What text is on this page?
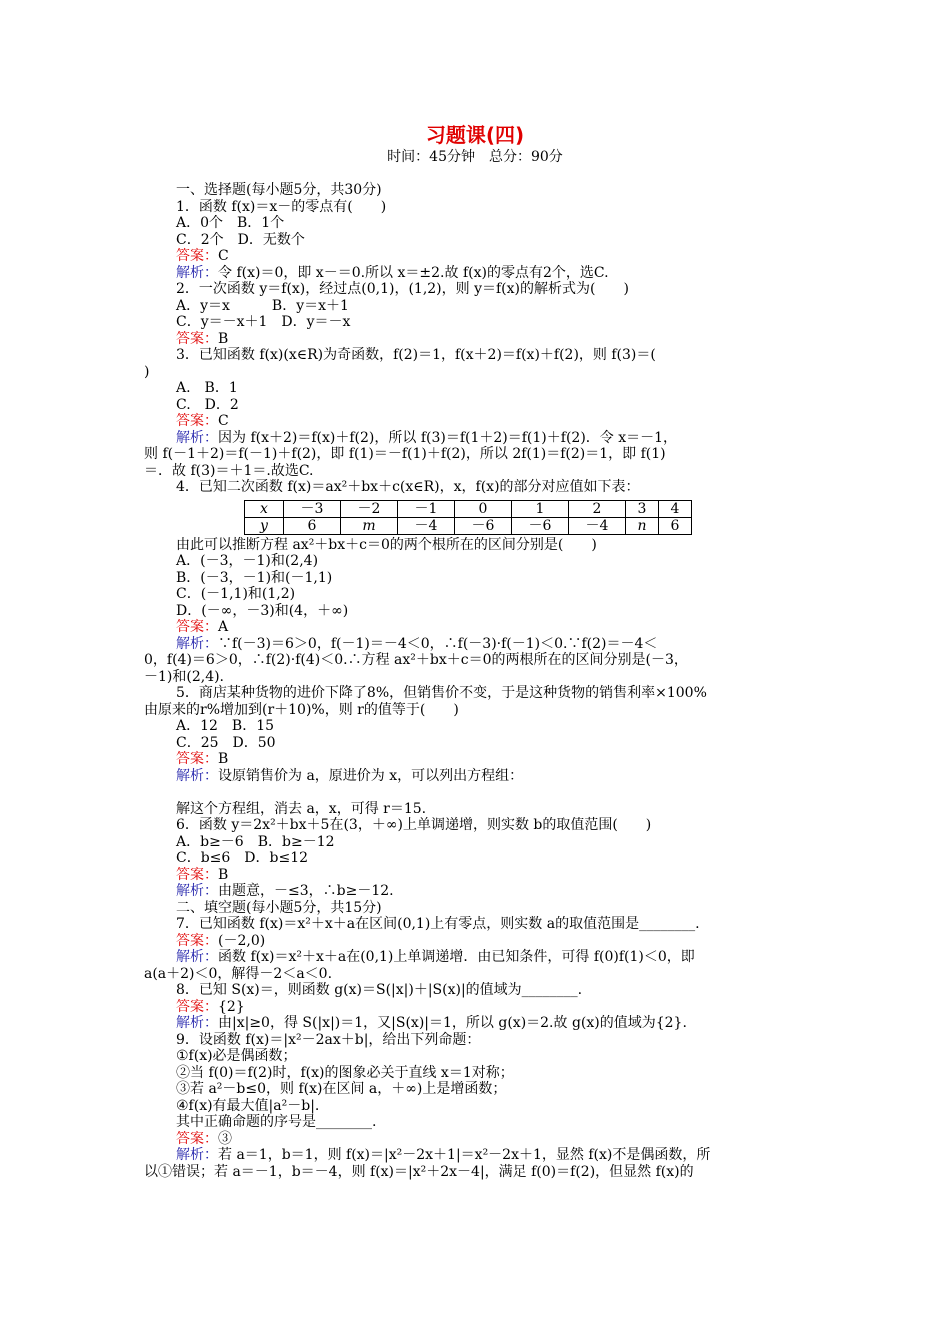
习题课(四)
时间：45分钟　总分：90分
一、选择题(每小题5分，共30分)
1．函数 f(x)＝x－的零点有(　　)
A．0个　B．1个
C．2个　D．无数个
答案：C
解析：令 f(x)＝0，即 x－＝0.所以 x＝±2.故 f(x)的零点有2个，选C.
2．一次函数 y＝f(x)，经过点(0,1)，(1,2)，则 y＝f(x)的解析式为(　　)
A．y＝x　　　B．y＝x＋1
C．y＝－x＋1　D．y＝－x
答案：B
3．已知函数 f(x)(x∈R)为奇函数，f(2)＝1，f(x＋2)＝f(x)＋f(2)，则 f(3)＝(
)
A.　B．1
C.　D．2
答案：C
解析：因为 f(x＋2)＝f(x)＋f(2)，所以 f(3)＝f(1＋2)＝f(1)＋f(2)．令 x＝－1，
则 f(－1＋2)＝f(－1)＋f(2)，即 f(1)＝－f(1)＋f(2)，所以 2f(1)＝f(2)＝1，即 f(1)
＝．故 f(3)＝＋1＝.故选C.
4．已知二次函数 f(x)＝ax²＋bx＋c(x∈R)，x，f(x)的部分对应值如下表：
x	－3	－2	－1	0	1	2	3	4
y	6	m	－4	－6	－6	－4	n	6
由此可以推断方程 ax²＋bx＋c＝0的两个根所在的区间分别是(　　)
A．(－3，－1)和(2,4)
B．(－3，－1)和(－1,1)
C．(－1,1)和(1,2)
D．(－∞，－3)和(4，＋∞)
答案：A
解析：∵f(－3)＝6＞0，f(－1)＝－4＜0，∴f(－3)·f(－1)＜0.∵f(2)＝－4＜
0，f(4)＝6＞0，∴f(2)·f(4)＜0.∴方程 ax²＋bx＋c＝0的两根所在的区间分别是(－3，
－1)和(2,4).
5．商店某种货物的进价下降了8%，但销售价不变，于是这种货物的销售利率×100%
由原来的r%增加到(r＋10)%，则 r的值等于(　　)
A．12　B．15
C．25　D．50
答案：B
解析：设原销售价为 a，原进价为 x，可以列出方程组：
解这个方程组，消去 a，x，可得 r＝15.
6．函数 y＝2x²＋bx＋5在(3，＋∞)上单调递增，则实数 b的取值范围(　　)
A．b≥－6　B．b≥－12
C．b≤6　D．b≤12
答案：B
解析：由题意，－≤3，∴b≥－12.
二、填空题(每小题5分，共15分)
7．已知函数 f(x)＝x²＋x＋a在区间(0,1)上有零点，则实数 a的取值范围是________.
答案：(－2,0)
解析：函数 f(x)＝x²＋x＋a在(0,1)上单调递增．由已知条件，可得 f(0)f(1)＜0，即
a(a＋2)＜0，解得－2＜a＜0.
8．已知 S(x)＝，则函数 g(x)＝S(|x|)＋|S(x)|的值域为________.
答案：{2}
解析：由|x|≥0，得 S(|x|)＝1，又|S(x)|＝1，所以 g(x)＝2.故 g(x)的值域为{2}.
9．设函数 f(x)＝|x²－2ax＋b|，给出下列命题：
①f(x)必是偶函数；
②当 f(0)＝f(2)时，f(x)的图象必关于直线 x＝1对称；
③若 a²－b≤0，则 f(x)在区间 a，＋∞)上是增函数；
④f(x)有最大值|a²－b|.
其中正确命题的序号是________.
答案：③
解析：若 a＝1，b＝1，则 f(x)＝|x²－2x＋1|＝x²－2x＋1，显然 f(x)不是偶函数，所
以①错误；若 a＝－1，b＝－4，则 f(x)＝|x²＋2x－4|，满足 f(0)＝f(2)，但显然 f(x)的
